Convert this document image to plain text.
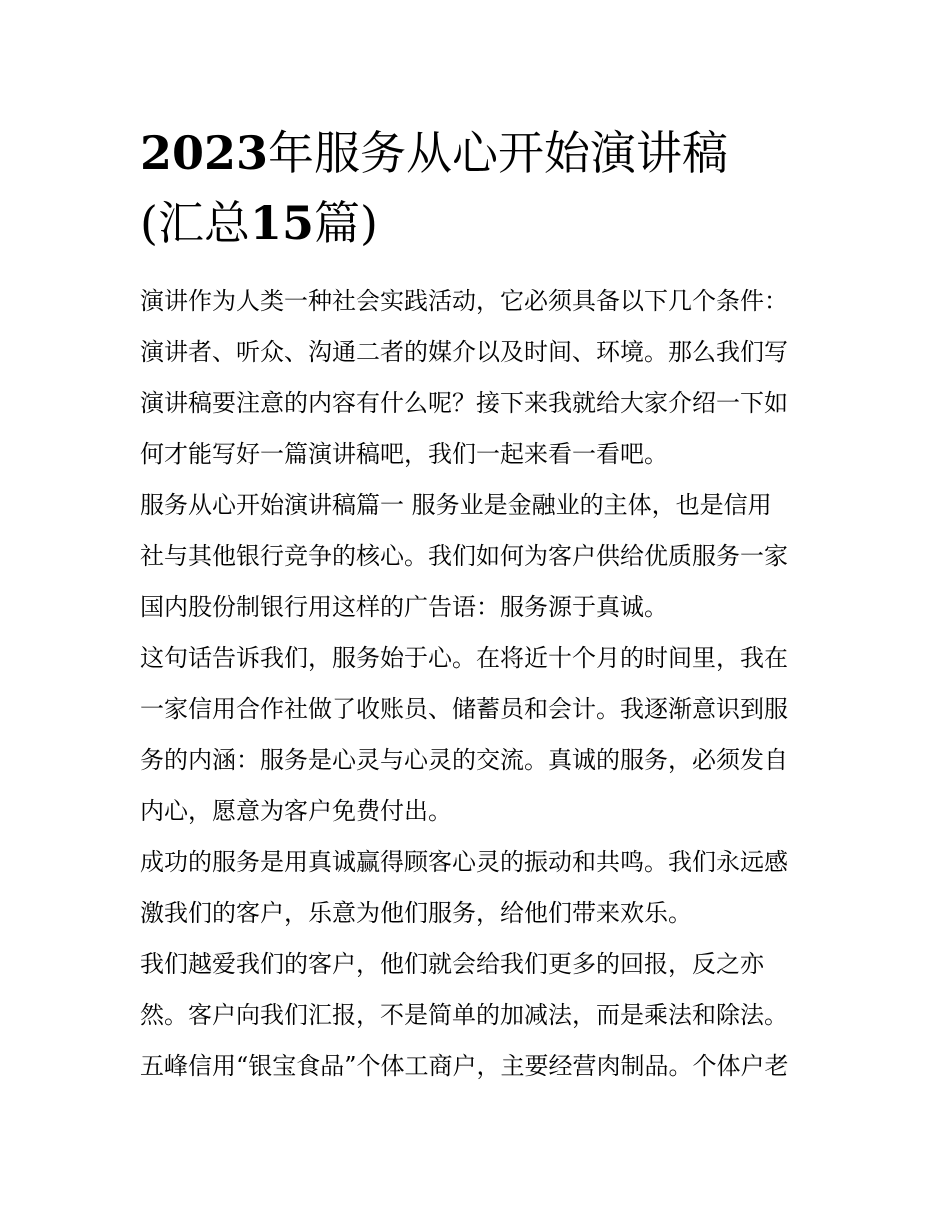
2023年服务从心开始演讲稿
(汇总15篇)
演讲作为人类一种社会实践活动，它必须具备以下几个条件：
演讲者、听众、沟通二者的媒介以及时间、环境。那么我们写
演讲稿要注意的内容有什么呢？接下来我就给大家介绍一下如
何才能写好一篇演讲稿吧，我们一起来看一看吧。
服务从心开始演讲稿篇一 服务业是金融业的主体，也是信用
社与其他银行竞争的核心。我们如何为客户供给优质服务一家
国内股份制银行用这样的广告语：服务源于真诚。
这句话告诉我们，服务始于心。在将近十个月的时间里，我在
一家信用合作社做了收账员、储蓄员和会计。我逐渐意识到服
务的内涵：服务是心灵与心灵的交流。真诚的服务，必须发自
内心，愿意为客户免费付出。
成功的服务是用真诚赢得顾客心灵的振动和共鸣。我们永远感
激我们的客户，乐意为他们服务，给他们带来欢乐。
我们越爱我们的客户，他们就会给我们更多的回报，反之亦
然。客户向我们汇报，不是简单的加减法，而是乘法和除法。
五峰信用“银宝食品”个体工商户，主要经营肉制品。个体户老
